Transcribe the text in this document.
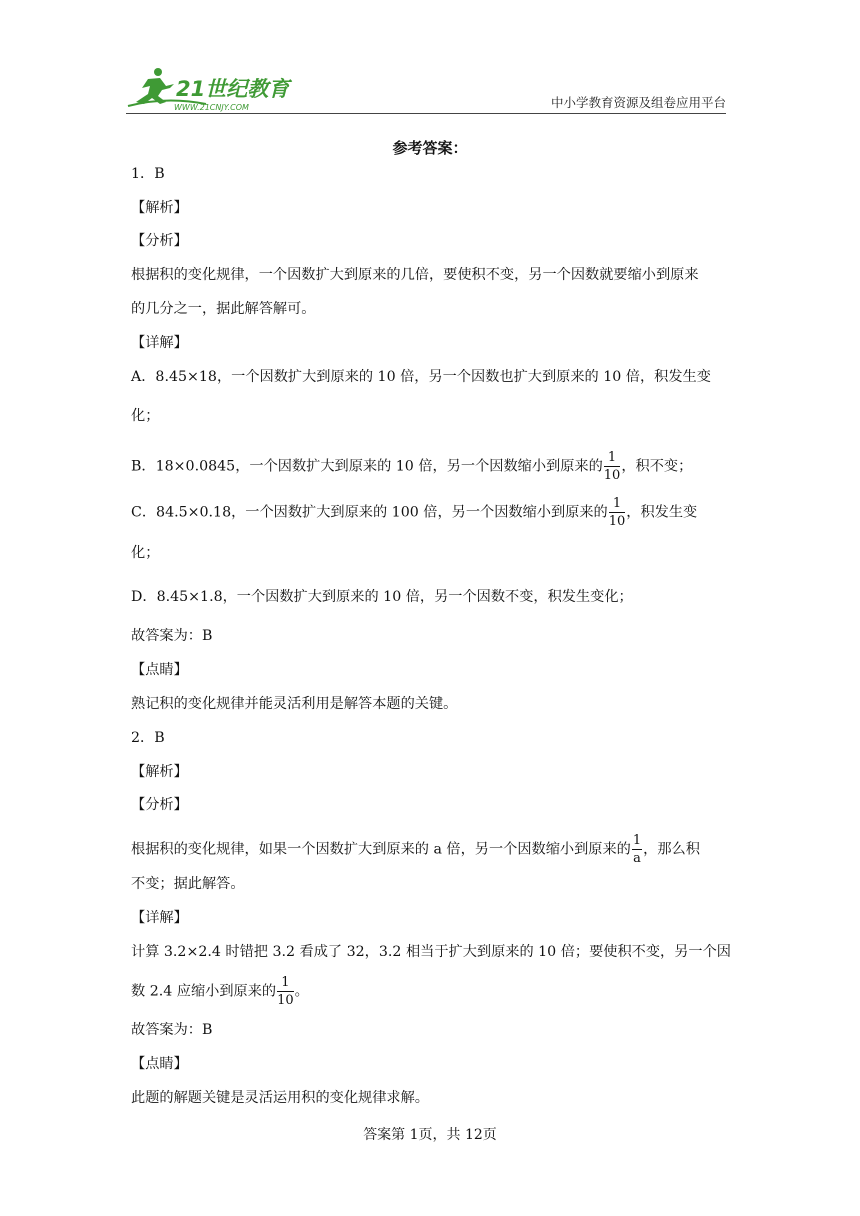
21世纪教育
WWW.21CNJY.COM	中小学教育资源及组卷应用平台
参考答案：
1．B
【解析】
【分析】
根据积的变化规律，一个因数扩大到原来的几倍，要使积不变，另一个因数就要缩小到原来
的几分之一，据此解答解可。
【详解】
A．8.45×18，一个因数扩大到原来的 10 倍，另一个因数也扩大到原来的 10 倍，积发生变
化；
B．18×0.0845，一个因数扩大到原来的 10 倍，另一个因数缩小到原来的 $\frac{1}{10}$ ，积不变；
C．84.5×0.18，一个因数扩大到原来的 100 倍，另一个因数缩小到原来的 $\frac{1}{10}$ ，积发生变
化；
D．8.45×1.8，一个因数扩大到原来的 10 倍，另一个因数不变，积发生变化；
故答案为：B
【点睛】
熟记积的变化规律并能灵活利用是解答本题的关键。
2．B
【解析】
【分析】
根据积的变化规律，如果一个因数扩大到原来的 a 倍，另一个因数缩小到原来的 $\frac{1}{a}$ ，那么积
不变；据此解答。
【详解】
计算 3.2×2.4 时错把 3.2 看成了 32，3.2 相当于扩大到原来的 10 倍；要使积不变，另一个因
数 2.4 应缩小到原来的 $\frac{1}{10}$ 。
故答案为：B
【点睛】
此题的解题关键是灵活运用积的变化规律求解。
答案第 1页，共 12页
